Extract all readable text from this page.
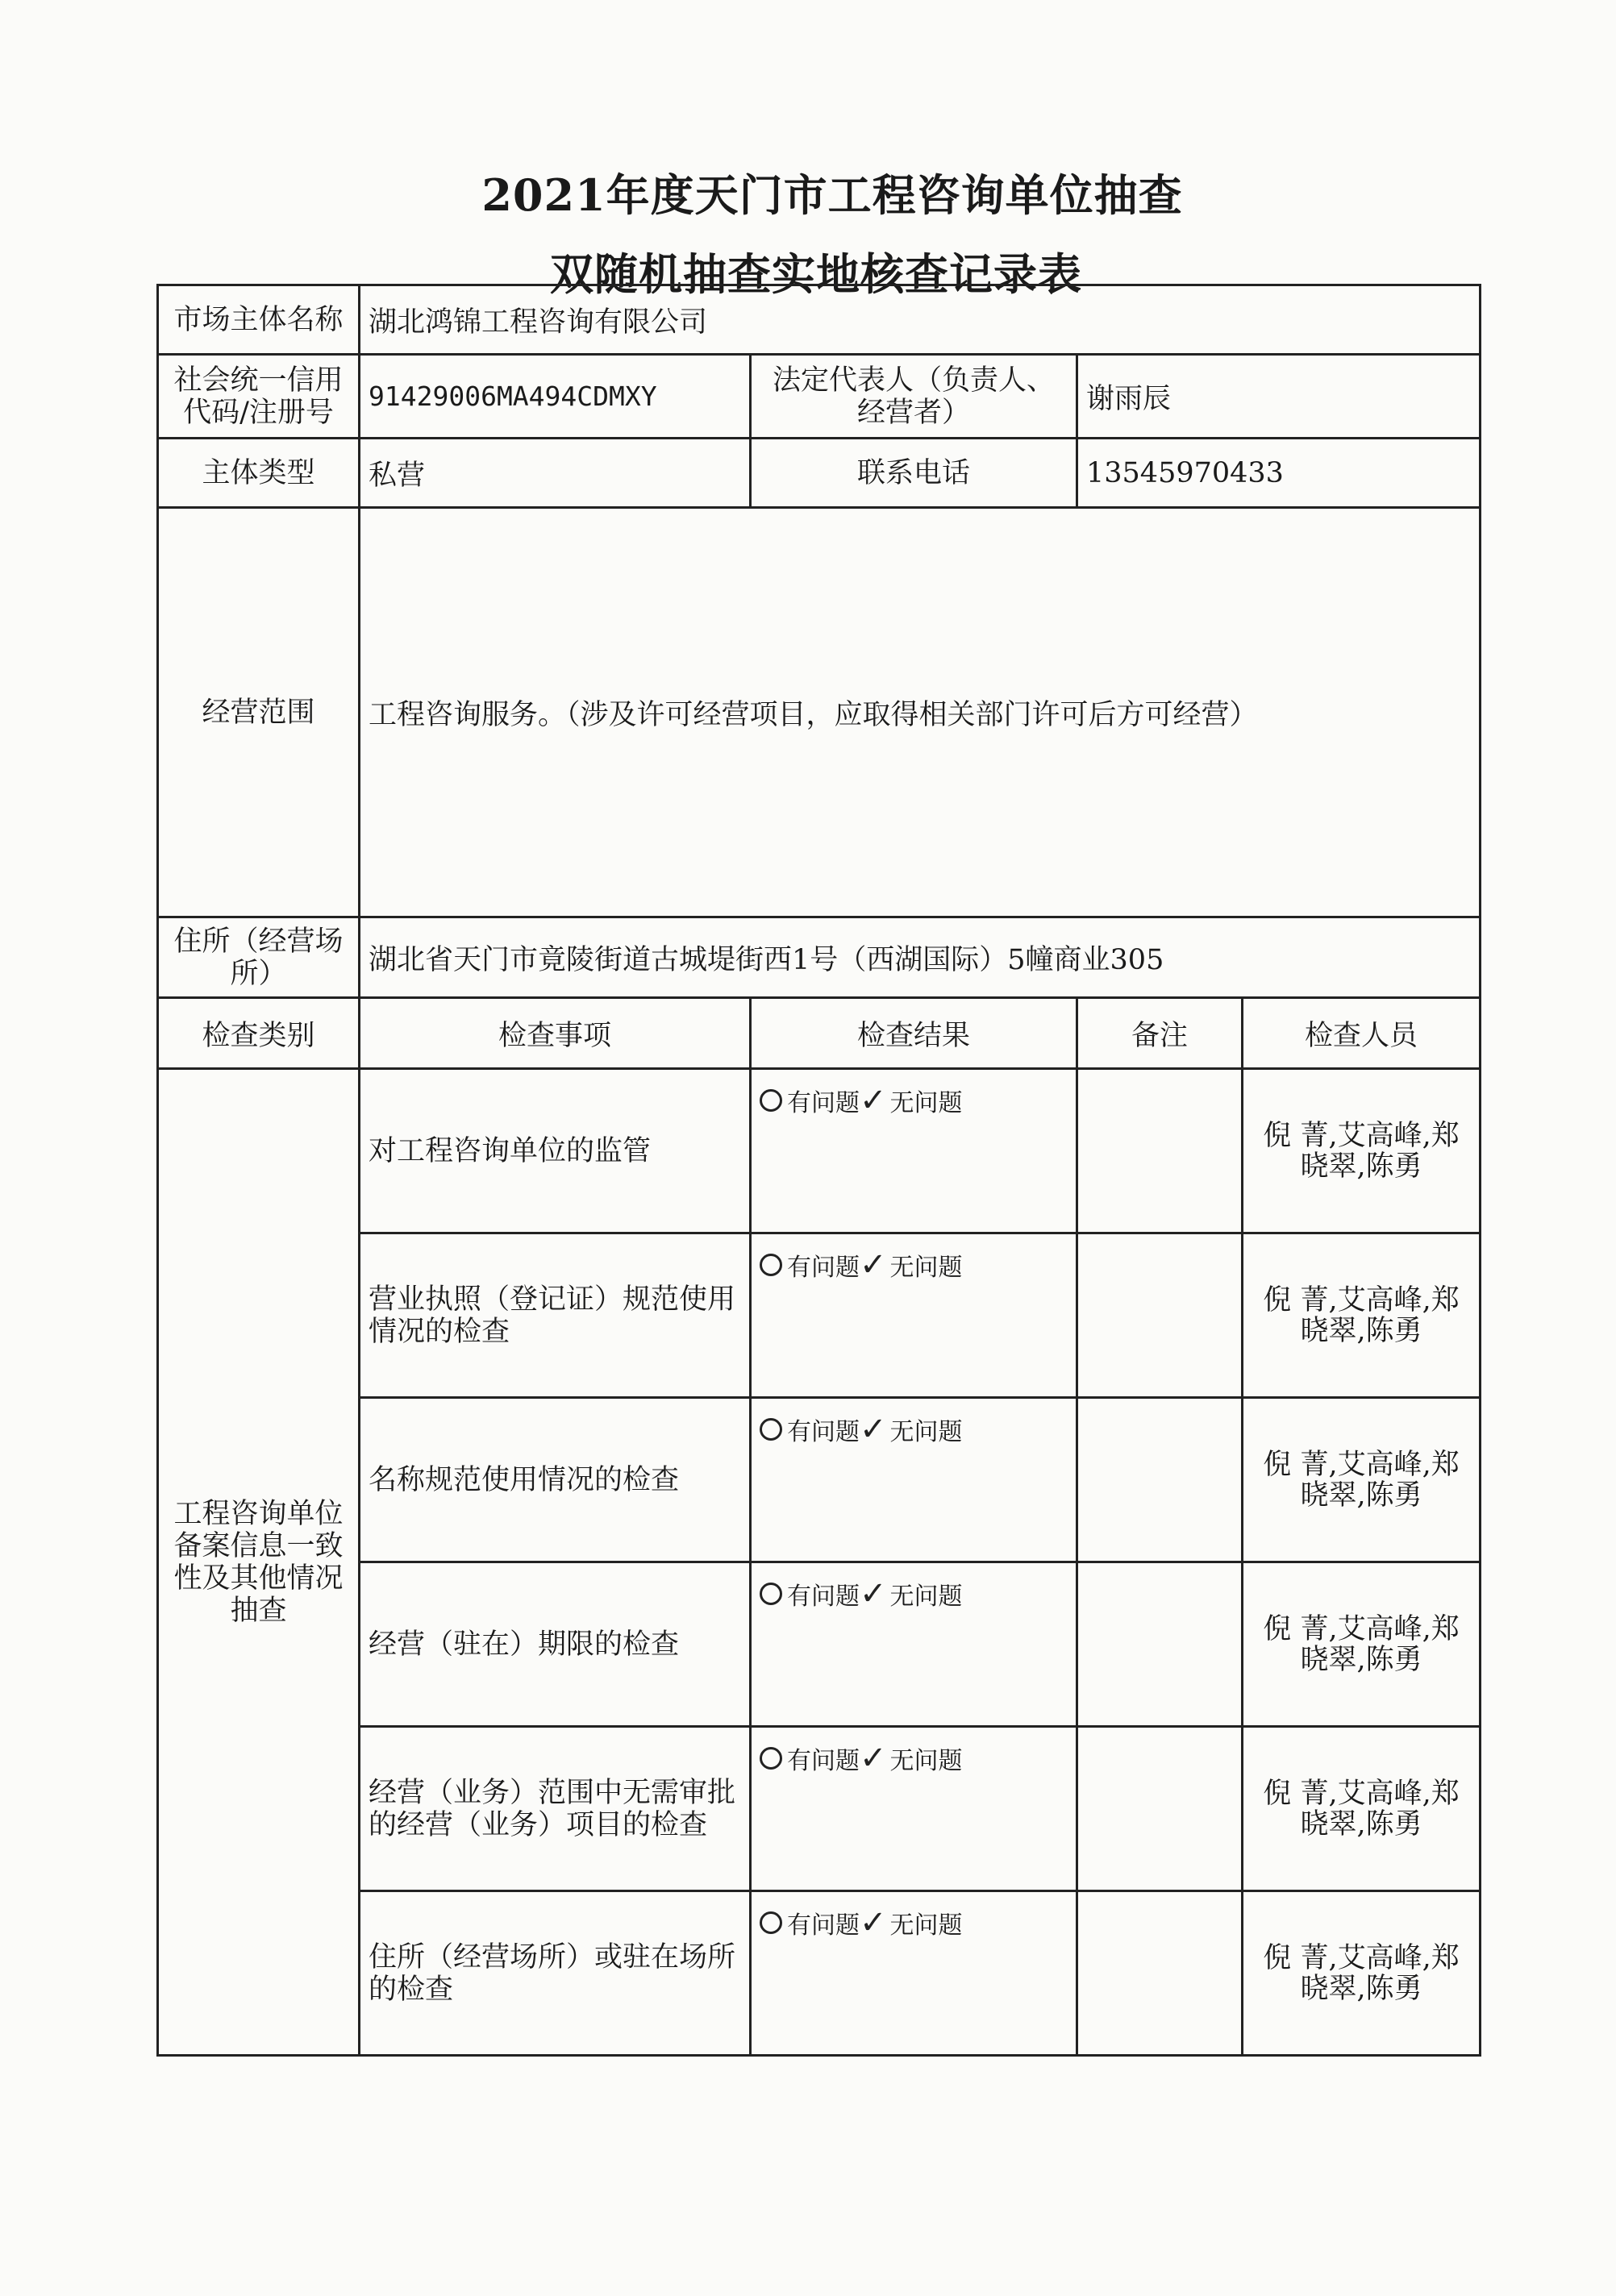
2021年度天门市工程咨询单位抽查
双随机抽查实地核查记录表
市场主体名称	湖北鸿锦工程咨询有限公司			
社会统一信用代码/注册号	91429006MA494CDMXY	法定代表人（负责人、经营者）	谢雨辰	
主体类型	私营	联系电话	13545970433	
经营范围	工程咨询服务。（涉及许可经营项目，应取得相关部门许可后方可经营）			
住所（经营场所）	湖北省天门市竟陵街道古城堤街西1号（西湖国际）5幢商业305			
检查类别	检查事项	检查结果	备注	检查人员
工程咨询单位备案信息一致性及其他情况抽查	对工程咨询单位的监管	有问题 ✓ 无问题		倪 菁,艾高峰,郑晓翠,陈勇
	营业执照（登记证）规范使用情况的检查	有问题 ✓ 无问题		倪 菁,艾高峰,郑晓翠,陈勇
	名称规范使用情况的检查	有问题 ✓ 无问题		倪 菁,艾高峰,郑晓翠,陈勇
	经营（驻在）期限的检查	有问题 ✓ 无问题		倪 菁,艾高峰,郑晓翠,陈勇
	经营（业务）范围中无需审批的经营（业务）项目的检查	有问题 ✓ 无问题		倪 菁,艾高峰,郑晓翠,陈勇
	住所（经营场所）或驻在场所的检查	有问题 ✓ 无问题		倪 菁,艾高峰,郑晓翠,陈勇
